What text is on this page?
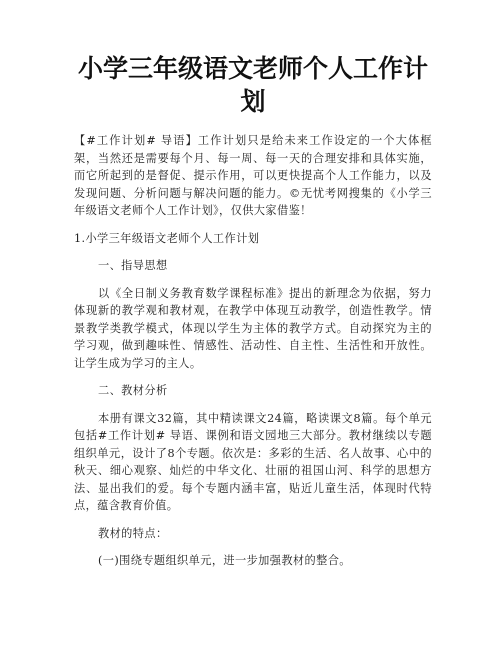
小学三年级语文老师个人工作计划

【#工作计划# 导语】工作计划只是给未来工作设定的一个大体框架，当然还是需要每个月、每一周、每一天的合理安排和具体实施，而它所起到的是督促、提示作用，可以更快提高个人工作能力，以及发现问题、分析问题与解决问题的能力。©无忧考网搜集的《小学三年级语文老师个人工作计划》，仅供大家借鉴！

1.小学三年级语文老师个人工作计划

一、指导思想

以《全日制义务教育数学课程标准》提出的新理念为依据，努力体现新的教学观和教材观，在教学中体现互动教学，创造性教学。情景教学类教学模式，体现以学生为主体的教学方式。自动探究为主的学习观，做到趣味性、情感性、活动性、自主性、生活性和开放性。让学生成为学习的主人。

二、教材分析

本册有课文32篇，其中精读课文24篇，略读课文8篇。每个单元包括#工作计划# 导语、课例和语文园地三大部分。教材继续以专题组织单元，设计了8个专题。依次是：多彩的生活、名人故事、心中的秋天、细心观察、灿烂的中华文化、壮丽的祖国山河、科学的思想方法、显出我们的爱。每个专题内涵丰富，贴近儿童生活，体现时代特点，蕴含教育价值。

教材的特点：

(一)围绕专题组织单元，进一步加强教材的整合。
